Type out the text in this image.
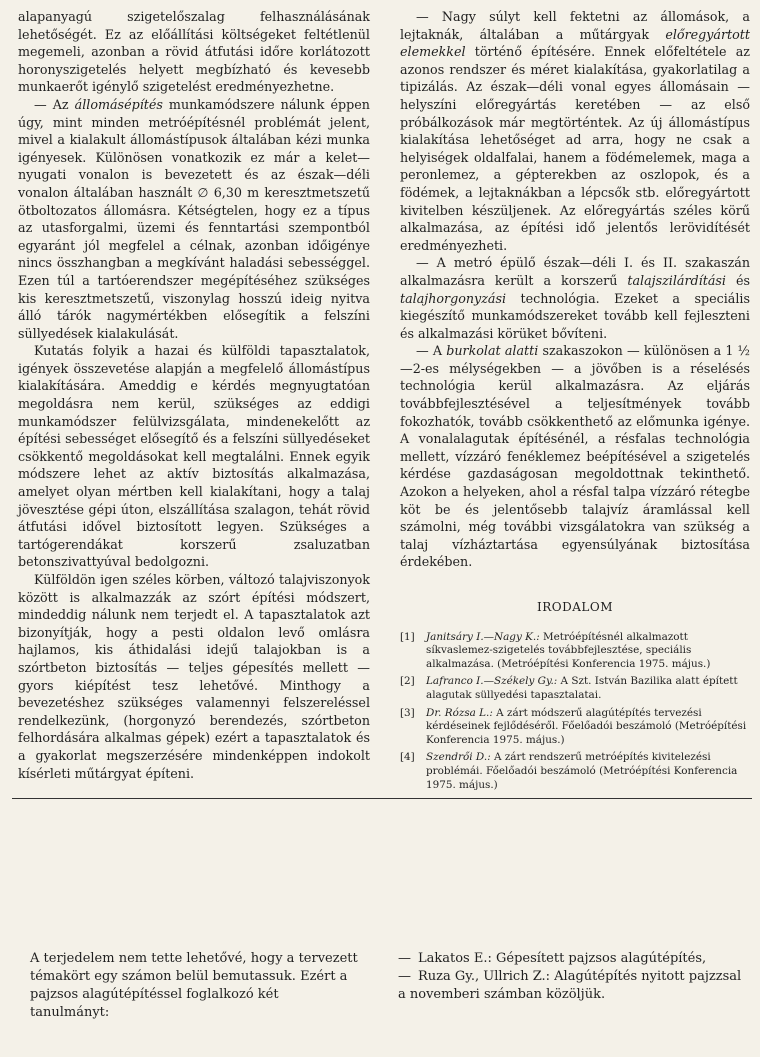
alapanyagú szigetelőszalag felhasználásának lehetőségét. Ez az előállítási költségeket feltétlenül megemeli, azonban a rövid átfutási időre korlátozott horonyszigetelés helyett megbízható és kevesebb munkaerőt igénylő szigetelést eredményezhetne.

— Az állomásépítés munkamódszere nálunk éppen úgy, mint minden metróépítésnél problémát jelent, mivel a kialakult állomástípusok általában kézi munka igényesek. Különösen vonatkozik ez már a kelet—nyugati vonalon is bevezetett és az észak—déli vonalon általában használt ∅ 6,30 m keresztmetszetű ötboltozatos állomásra. Kétségtelen, hogy ez a típus az utasforgalmi, üzemi és fenntartási szempontból egyaránt jól megfelel a célnak, azonban időigénye nincs összhangban a megkívánt haladási sebességgel. Ezen túl a tartóerendszer megépítéséhez szükséges kis keresztmetszetű, viszonylag hosszú ideig nyitva álló tárók nagymértékben elősegítik a felszíni süllyedések kialakulását.

Kutatás folyik a hazai és külföldi tapasztalatok, igények összevetése alapján a megfelelő állomástípus kialakítására. Ameddig e kérdés megnyugtatóan megoldásra nem kerül, szükséges az eddigi munkamódszer felülvizsgálata, mindenekelőtt az építési sebességet elősegítő és a felszíni süllyedéseket csökkentő megoldásokat kell megtalálni. Ennek egyik módszere lehet az aktív biztosítás alkalmazása, amelyet olyan mértben kell kialakítani, hogy a talaj jövesztése gépi úton, elszállítása szalagon, tehát rövid átfutási idővel biztosított legyen. Szükséges a tartógerendákat korszerű zsaluzatban betonszivattyúval bedolgozni.

Külföldön igen széles körben, változó talajviszonyok között is alkalmazzák az szórt építési módszert, mindeddig nálunk nem terjedt el. A tapasztalatok azt bizonyítják, hogy a pesti oldalon levő omlásra hajlamos, kis áthidalási idejű talajokban is a szórtbeton biztosítás — teljes gépesítés mellett — gyors kiépítést tesz lehetővé. Minthogy a bevezetéshez szükséges valamennyi felszereléssel rendelkezünk, (horgonyzó berendezés, szórtbeton felhordására alkalmas gépek) ezért a tapasztalatok és a gyakorlat megszerzésére mindenképpen indokolt kísérleti műtárgyat építeni.

— Nagy súlyt kell fektetni az állomások, a lejtaknák, általában a műtárgyak előregyártott elemekkel történő építésére. Ennek előfeltétele az azonos rendszer és méret kialakítása, gyakorlatilag a tipizálás. Az észak—déli vonal egyes állomásain — helyszíni előregyártás keretében — az első próbálkozások már megtörténtek. Az új állomástípus kialakítása lehetőséget ad arra, hogy ne csak a helyiségek oldalfalai, hanem a födémelemek, maga a peronlemez, a gépterekben az oszlopok, és a födémek, a lejtaknákban a lépcsők stb. előregyártott kivitelben készüljenek. Az előregyártás széles körű alkalmazása, az építési idő jelentős lerövidítését eredményezheti.

— A metró épülő észak—déli I. és II. szakaszán alkalmazásra került a korszerű talajszilárdítási és talajhorgonyzási technológia. Ezeket a speciális kiegészítő munkamódszereket tovább kell fejleszteni és alkalmazási körüket bővíteni.

— A burkolat alatti szakaszokon — különösen a 1 ½—2-es mélységekben — a jövőben is a réselésés technológia kerül alkalmazásra. Az eljárás továbbfejlesztésével a teljesítmények tovább fokozhatók, tovább csökkenthető az előmunka igénye. A vonalalagutak építésénél, a résfalas technológia mellett, vízzáró fenéklemez beépítésével a szigetelés kérdése gazdaságosan megoldottnak tekinthető. Azokon a helyeken, ahol a résfal talpa vízzáró rétegbe köt be és jelentősebb talajvíz áramlással kell számolni, még további vizsgálatokra van szükség a talaj vízháztartása egyensúlyának biztosítása érdekében.

IRODALOM
[1]	Janitsáry I.—Nagy K.: Metróépítésnél alkalmazott síkvaslemez-szigetelés továbbfejlesztése, speciális alkalmazása. (Metróépítési Konferencia 1975. május.)
[2]	Lafranco I.—Székely Gy.: A Szt. István Bazilika alatt épített alagutak süllyedési tapasztalatai.
[3]	Dr. Rózsa L.: A zárt módszerű alagútépítés tervezési kérdéseinek fejlődéséről. Főelőadói beszámoló (Metróépítési Konferencia 1975. május.)
[4]	Szendrői D.: A zárt rendszerű metróépítés kivitelezési problémái. Főelőadói beszámoló (Metróépítési Konferencia 1975. május.)

A terjedelem nem tette lehetővé, hogy a tervezett témakört egy számon belül bemutassuk. Ezért a pajzsos alagútépítéssel foglalkozó két tanulmányt:

— Lakatos E.: Gépesített pajzsos alagútépítés,
— Ruza Gy., Ullrich Z.: Alagútépítés nyitott pajzzsal

a novemberi számban közöljük.
